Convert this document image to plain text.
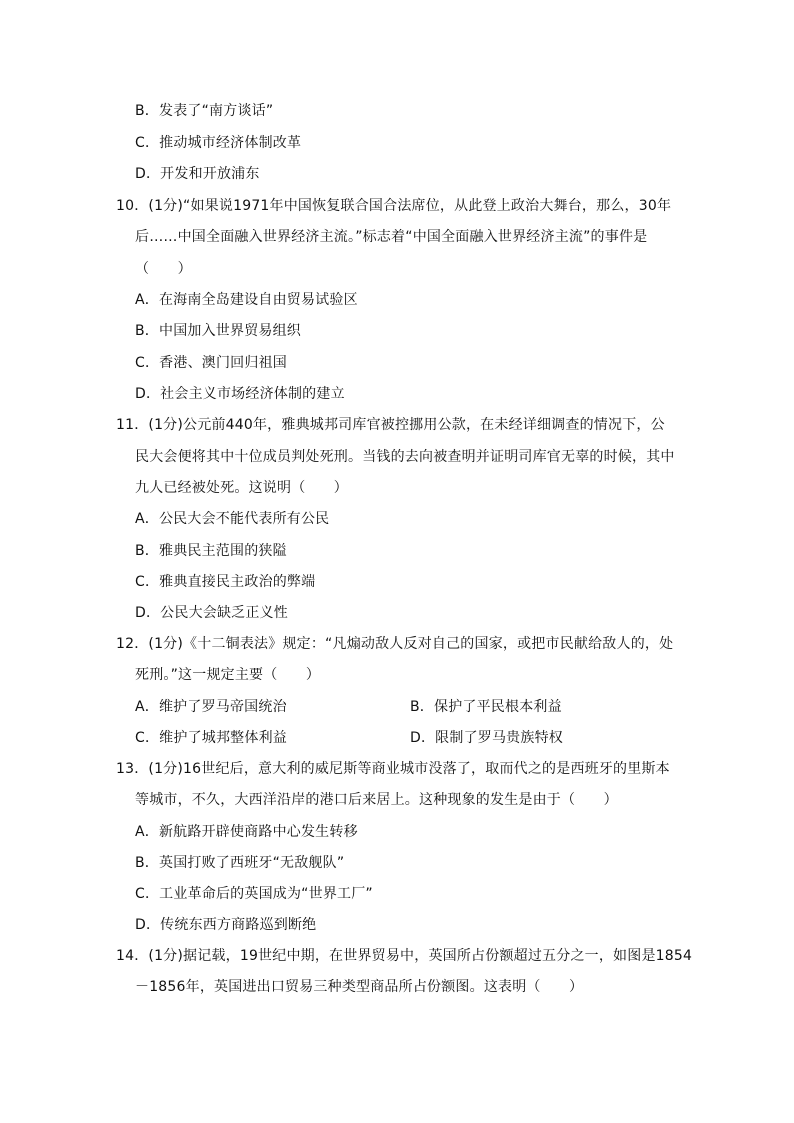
B．发表了“南方谈话”
C．推动城市经济体制改革
D．开发和开放浦东
10．(1分)“如果说1971年中国恢复联合国合法席位，从此登上政治大舞台，那么，30年
后……中国全面融入世界经济主流。”标志着“中国全面融入世界经济主流”的事件是
（　　）
A．在海南全岛建设自由贸易试验区
B．中国加入世界贸易组织
C．香港、澳门回归祖国
D．社会主义市场经济体制的建立
11．(1分)公元前440年，雅典城邦司库官被控挪用公款，在未经详细调查的情况下，公
民大会便将其中十位成员判处死刑。当钱的去向被查明并证明司库官无辜的时候，其中
九人已经被处死。这说明（　　）
A．公民大会不能代表所有公民
B．雅典民主范围的狭隘
C．雅典直接民主政治的弊端
D．公民大会缺乏正义性
12．(1分)《十二铜表法》规定：“凡煽动敌人反对自己的国家，或把市民献给敌人的，处
死刑。”这一规定主要（　　）
A．维护了罗马帝国统治	B．保护了平民根本利益
C．维护了城邦整体利益	D．限制了罗马贵族特权
13．(1分)16世纪后，意大利的威尼斯等商业城市没落了，取而代之的是西班牙的里斯本
等城市，不久，大西洋沿岸的港口后来居上。这种现象的发生是由于（　　）
A．新航路开辟使商路中心发生转移
B．英国打败了西班牙“无敌舰队”
C．工业革命后的英国成为“世界工厂”
D．传统东西方商路巡到断绝
14．(1分)据记载，19世纪中期，在世界贸易中，英国所占份额超过五分之一，如图是1854
－1856年，英国进出口贸易三种类型商品所占份额图。这表明（　　）
